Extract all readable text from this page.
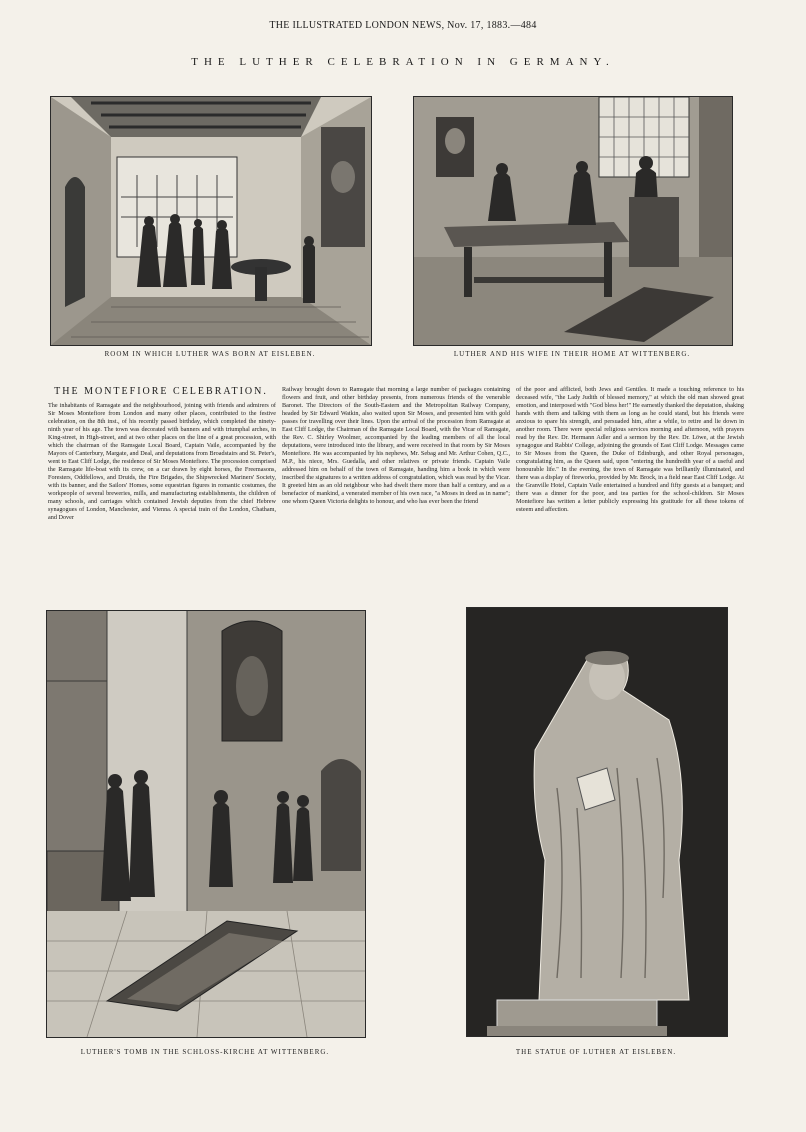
THE ILLUSTRATED LONDON NEWS, Nov. 17, 1883.—484
THE LUTHER CELEBRATION IN GERMANY.
ROOM IN WHICH LUTHER WAS BORN AT EISLEBEN.	LUTHER AND HIS WIFE IN THEIR HOME AT WITTENBERG.
THE MONTEFIORE CELEBRATION.
The inhabitants of Ramsgate and the neighbourhood, joining with friends and admirers of Sir Moses Montefiore from London and many other places, contributed to the festive celebration, on the 8th inst., of his recently passed birthday, which completed the ninety-ninth year of his age. The town was decorated with banners and with triumphal arches, in King-street, in High-street, and at two other places on the line of a great procession, with which the chairman of the Ramsgate Local Board, Captain Vaile, accompanied by the Mayors of Canterbury, Margate, and Deal, and deputations from Broadstairs and St. Peter's, went to East Cliff Lodge, the residence of Sir Moses Montefiore. The procession comprised the Ramsgate life-boat with its crew, on a car drawn by eight horses, the Freemasons, Foresters, Oddfellows, and Druids, the Fire Brigades, the Shipwrecked Mariners' Society, with its banner, and the Sailors' Homes, some equestrian figures in romantic costumes, the workpeople of several breweries, mills, and manufacturing establishments, the children of many schools, and carriages which contained Jewish deputies from the chief Hebrew synagogues of London, Manchester, and Vienna. A special train of the London, Chatham, and Dover
Railway brought down to Ramsgate that morning a large number of packages containing flowers and fruit, and other birthday presents, from numerous friends of the venerable Baronet. The Directors of the South-Eastern and the Metropolitan Railway Company, headed by Sir Edward Watkin, also waited upon Sir Moses, and presented him with gold passes for travelling over their lines. Upon the arrival of the procession from Ramsgate at East Cliff Lodge, the Chairman of the Ramsgate Local Board, with the Vicar of Ramsgate, the Rev. C. Shirley Woolmer, accompanied by the leading members of all the local deputations, were introduced into the library, and were received in that room by Sir Moses Montefiore. He was accompanied by his nephews, Mr. Sebag and Mr. Arthur Cohen, Q.C., M.P., his niece, Mrs. Guedalla, and other relatives or private friends. Captain Vaile addressed him on behalf of the town of Ramsgate, handing him a book in which were inscribed the signatures to a written address of congratulation, which was read by the Vicar. It greeted him as an old neighbour who had dwelt there more than half a century, and as a benefactor of mankind, a venerated member of his own race, "a Moses in deed as in name"; one whom Queen Victoria delights to honour, and who has ever been the friend
of the poor and afflicted, both Jews and Gentiles. It made a touching reference to his deceased wife, "the Lady Judith of blessed memory," at which the old man showed great emotion, and interposed with "God bless her!" He earnestly thanked the deputation, shaking hands with them and talking with them as long as he could stand, but his friends were anxious to spare his strength, and persuaded him, after a while, to retire and lie down in another room. There were special religious services morning and afternoon, with prayers read by the Rev. Dr. Hermann Adler and a sermon by the Rev. Dr. Löwe, at the Jewish synagogue and Rabbis' College, adjoining the grounds of East Cliff Lodge. Messages came to Sir Moses from the Queen, the Duke of Edinburgh, and other Royal personages, congratulating him, as the Queen said, upon "entering the hundredth year of a useful and honourable life." In the evening, the town of Ramsgate was brilliantly illuminated, and there was a display of fireworks, provided by Mr. Brock, in a field near East Cliff Lodge. At the Granville Hotel, Captain Vaile entertained a hundred and fifty guests at a banquet; and there was a dinner for the poor, and tea parties for the school-children. Sir Moses Montefiore has written a letter publicly expressing his gratitude for all these tokens of esteem and affection.
LUTHER'S TOMB IN THE SCHLOSS-KIRCHE AT WITTENBERG.	THE STATUE OF LUTHER AT EISLEBEN.
